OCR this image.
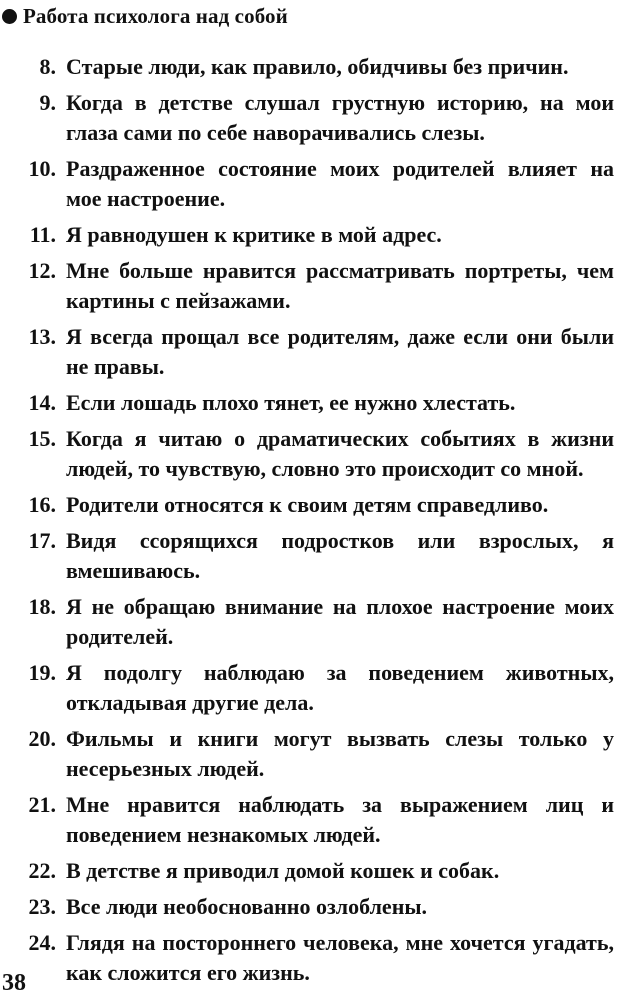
Работа психолога над собой
8. Старые люди, как правило, обидчивы без причин.
9. Когда в детстве слушал грустную историю, на мои глаза сами по себе наворачивались слезы.
10. Раздраженное состояние моих родителей влияет на мое настроение.
11. Я равнодушен к критике в мой адрес.
12. Мне больше нравится рассматривать портреты, чем картины с пейзажами.
13. Я всегда прощал все родителям, даже если они были не правы.
14. Если лошадь плохо тянет, ее нужно хлестать.
15. Когда я читаю о драматических событиях в жизни людей, то чувствую, словно это происходит со мной.
16. Родители относятся к своим детям справедливо.
17. Видя ссорящихся подростков или взрослых, я вмешиваюсь.
18. Я не обращаю внимание на плохое настроение моих родителей.
19. Я подолгу наблюдаю за поведением животных, откладывая другие дела.
20. Фильмы и книги могут вызвать слезы только у несерьезных людей.
21. Мне нравится наблюдать за выражением лиц и поведением незнакомых людей.
22. В детстве я приводил домой кошек и собак.
23. Все люди необоснованно озлоблены.
24. Глядя на постороннего человека, мне хочется угадать, как сложится его жизнь.
38
